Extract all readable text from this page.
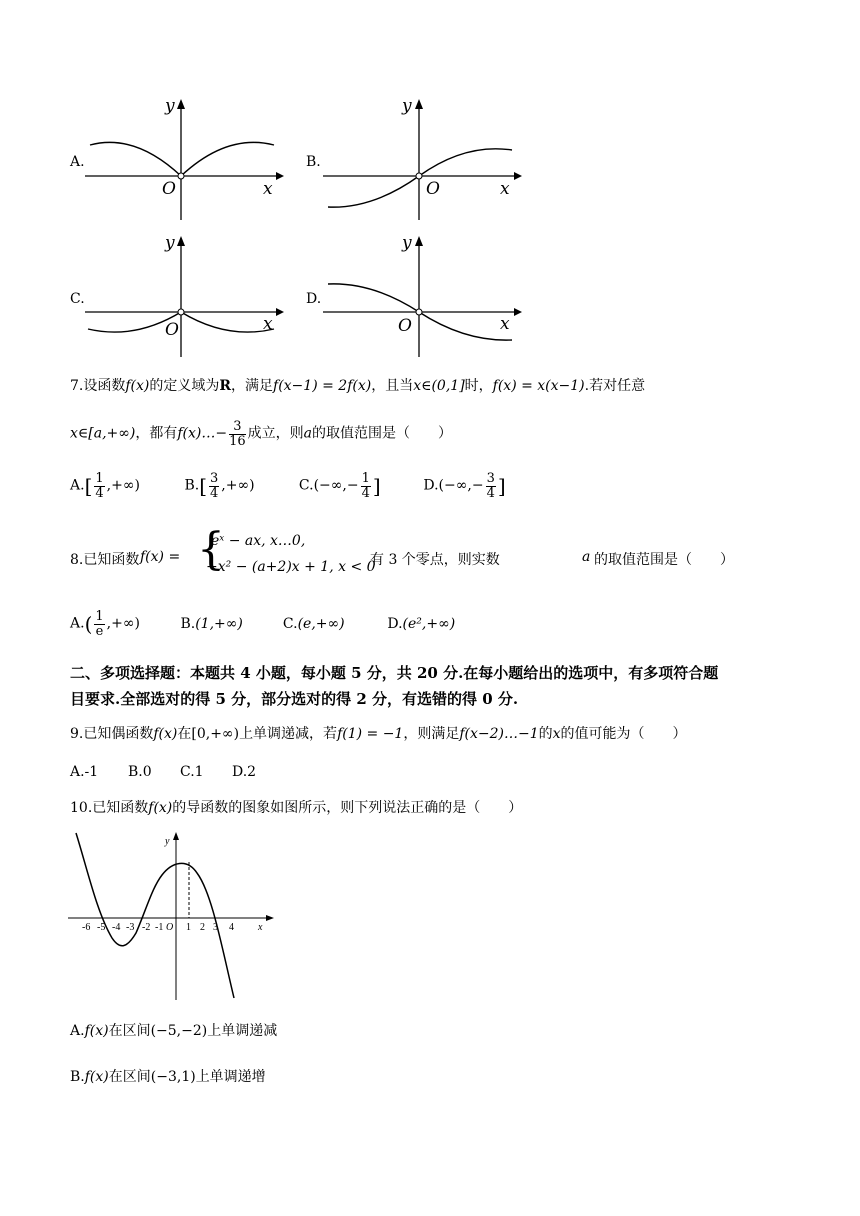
A.
y
O	x
B.
y
O	x
C.
y
O	x
D.
y
O	x
7.设函数f(x)的定义域为R，满足f(x−1) = 2f(x)，且当x∈(0,1]时，f(x) = x(x−1).若对任意
x∈[a,+∞)，都有f(x)…− $\frac{3}{16}$ 成立，则a的取值范围是（　　）
$A.[ \frac{1}{4}$ ,+∞)	$B.[ \frac{3}{4}$ ,+∞)	$C.(-\infty,- \frac{1}{4}$ ]	$D.(-\infty,- \frac{3}{4}$ ]
8.已知函数 f(x) = {
eˣ − ax, x…0,
−x² − (a+2)x + 1, x < 0
有 3 个零点，则实数	a 的取值范围是（　　）
$A.( \frac{1}{e}$ ,+∞)	B.(1,+∞)	C.(e,+∞)	D.(e²,+∞)
二、多项选择题：本题共 4 小题，每小题 5 分，共 20 分.在每小题给出的选项中，有多项符合题
目要求.全部选对的得 5 分，部分选对的得 2 分，有选错的得 0 分.
9.已知偶函数f(x)在[0,+∞)上单调递减，若f(1) = −1，则满足f(x−2)…−1的x的值可能为（　　）
A.-1 B.0 C.1 D.2
10.已知函数f(x)的导函数的图象如图所示，则下列说法正确的是（　　）
y
x
O
-6 -5 -4 -3 -2 -1 1 2 3 4
A.f(x)在区间(−5,−2)上单调递减
B.f(x)在区间(−3,1)上单调递增
